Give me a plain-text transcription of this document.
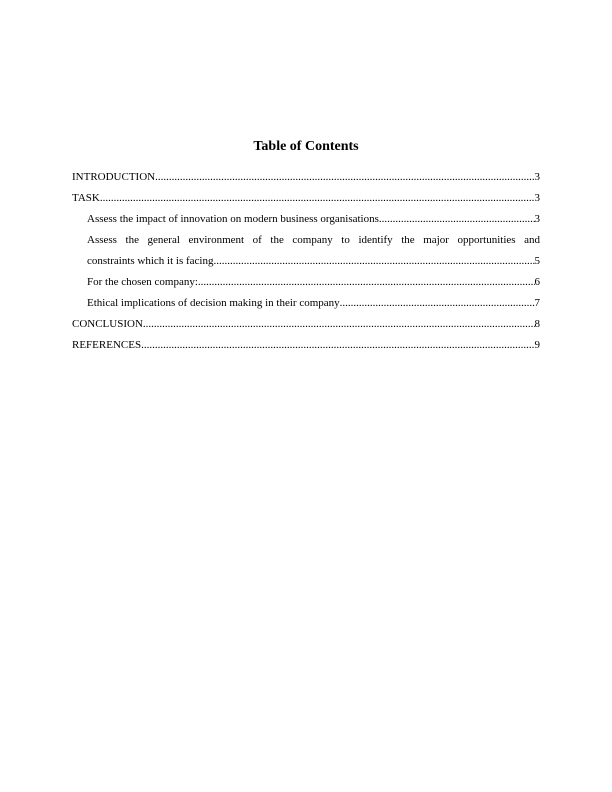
Table of Contents
INTRODUCTION .....	3
TASK .....	3
Assess the impact of innovation on modern business organisations .....	3
Assess the general environment of the company to identify the major opportunities and
constraints which it is facing .....	5
For the chosen company: .....	6
Ethical implications of decision making in their company .....	7
CONCLUSION .....	8
REFERENCES .....	9
